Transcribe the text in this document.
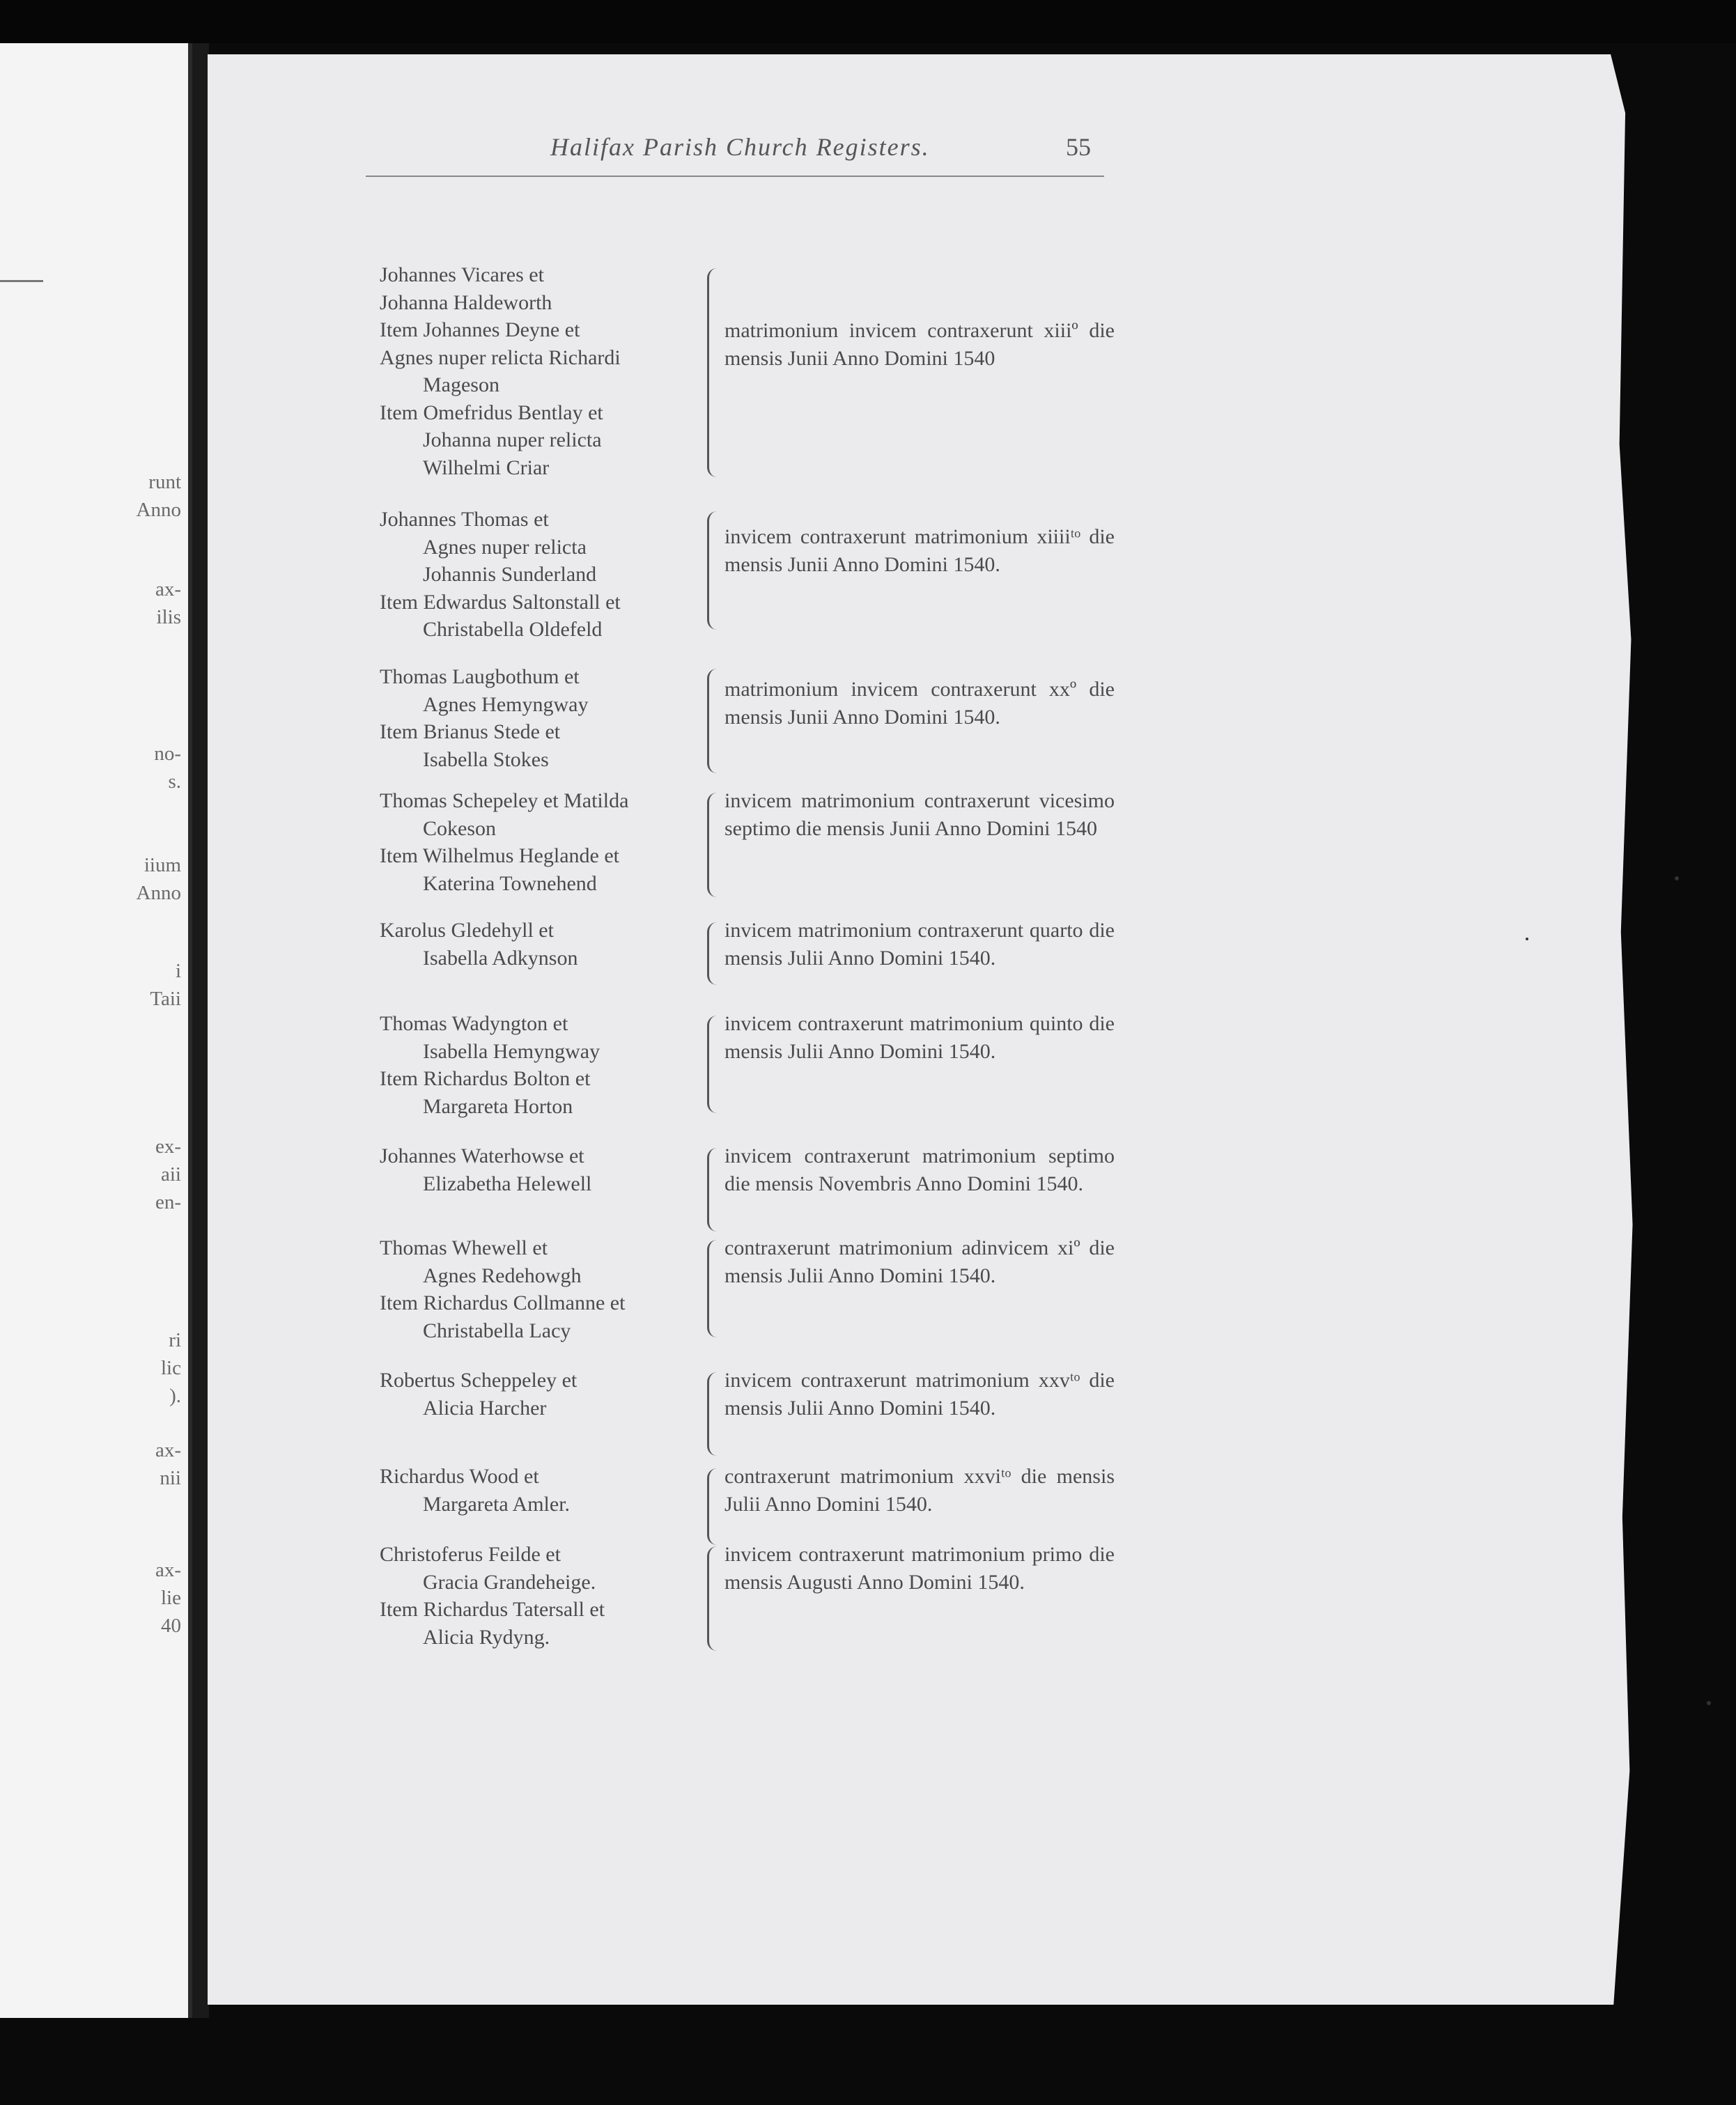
runt
Anno
ax-
ilis
no-
s.
iium
Anno
i
Taii
ex-
aii
en-
ri
lic
).
ax-
nii
ax-
lie
40
Halifax Parish Church Registers.	55
Johannes Vicares et
Johanna Haldeworth
Item Johannes Deyne et
Agnes nuper relicta Richardi
Mageson
Item Omefridus Bentlay et
Johanna nuper relicta
Wilhelmi Criar
matrimonium invicem contraxerunt xiiiº die mensis Junii Anno Domini 1540
Johannes Thomas et
Agnes nuper relicta
Johannis Sunderland
Item Edwardus Saltonstall et
Christabella Oldefeld
invicem contraxerunt matrimonium xiiiiᵗᵒ die mensis Junii Anno Domini 1540.
Thomas Laugbothum et
Agnes Hemyngway
Item Brianus Stede et
Isabella Stokes
matrimonium invicem contraxerunt xxº die mensis Junii Anno Domini 1540.
Thomas Schepeley et Matilda
Cokeson
Item Wilhelmus Heglande et
Katerina Townehend
invicem matrimonium contraxerunt vicesimo septimo die mensis Junii Anno Domini 1540
Karolus Gledehyll et
Isabella Adkynson
invicem matrimonium contraxerunt quarto die mensis Julii Anno Domini 1540.
Thomas Wadyngton et
Isabella Hemyngway
Item Richardus Bolton et
Margareta Horton
invicem contraxerunt matrimonium quinto die mensis Julii Anno Domini 1540.
Johannes Waterhowse et
Elizabetha Helewell
invicem contraxerunt matrimonium septimo die mensis Novembris Anno Domini 1540.
Thomas Whewell et
Agnes Redehowgh
Item Richardus Collmanne et
Christabella Lacy
contraxerunt matrimonium adinvicem xiº die mensis Julii Anno Domini 1540.
Robertus Scheppeley et
Alicia Harcher
invicem contraxerunt matrimonium xxvᵗᵒ die mensis Julii Anno Domini 1540.
Richardus Wood et
Margareta Amler.
contraxerunt matrimonium xxviᵗᵒ die mensis Julii Anno Domini 1540.
Christoferus Feilde et
Gracia Grandeheige.
Item Richardus Tatersall et
Alicia Rydyng.
invicem contraxerunt matrimonium primo die mensis Augusti Anno Domini 1540.
